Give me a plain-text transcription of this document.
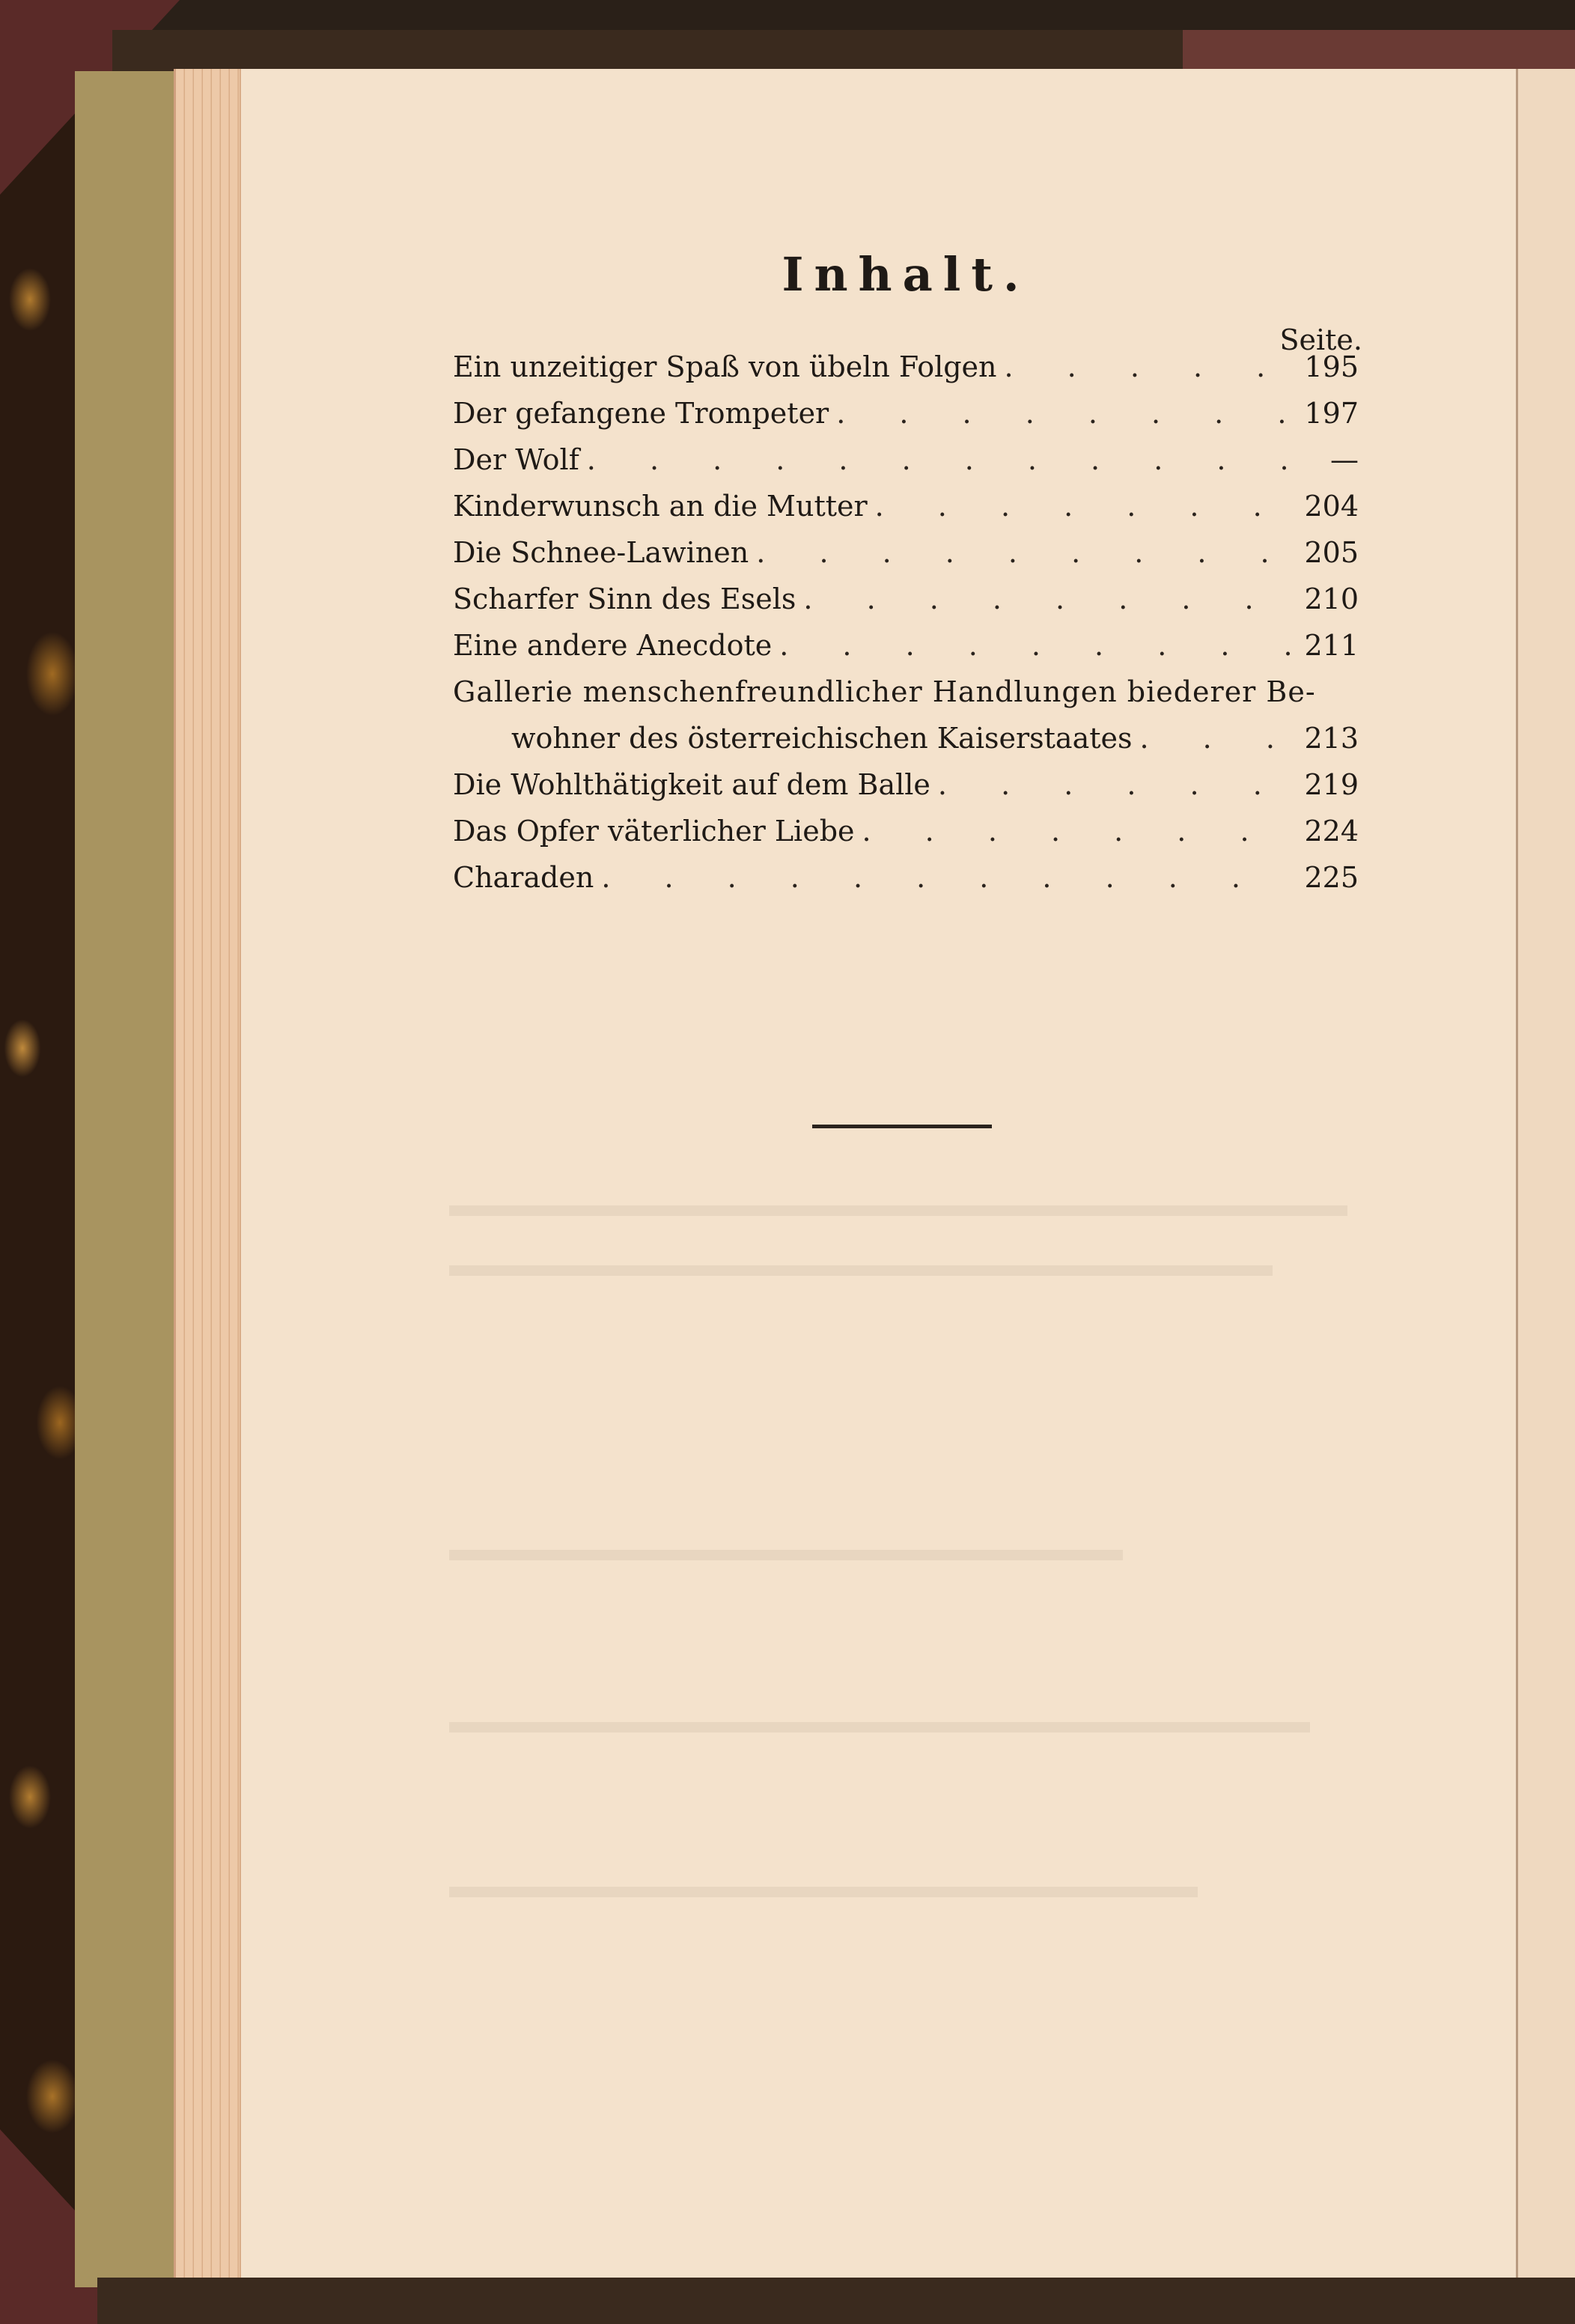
Inhalt.
Seite.
Ein unzeitiger Spaß von übeln Folgen . . .	195
Der gefangene Trompeter . . .	197
Der Wolf . . .	—
Kinderwunsch an die Mutter . . .	204
Die Schnee-Lawinen . . .	205
Scharfer Sinn des Esels . . .	210
Eine andere Anecdote . . .	211
Gallerie menschenfreundlicher Handlungen biederer Be-
wohner des österreichischen Kaiserstaates . . .	213
Die Wohlthätigkeit auf dem Balle . . .	219
Das Opfer väterlicher Liebe . . .	224
Charaden . . .	225
